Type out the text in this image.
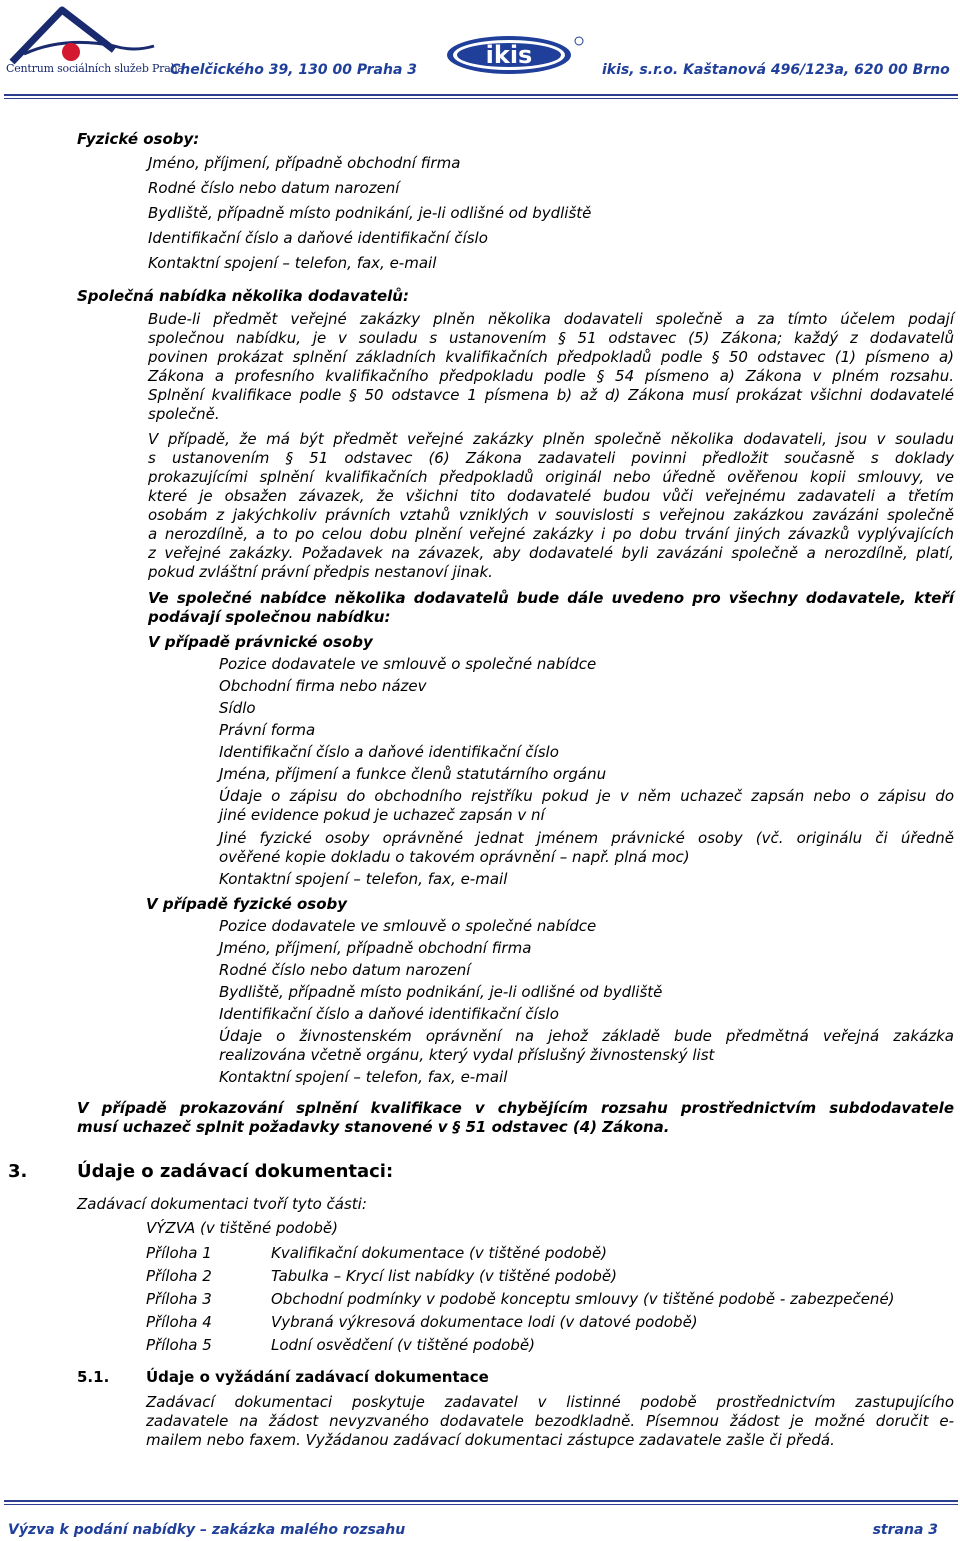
Centrum sociálních služeb Praha
Chelčického 39, 130 00 Praha 3
ikis
ikis, s.r.o. Kaštanová 496/123a, 620 00 Brno
Fyzické osoby:
Jméno, příjmení, případně obchodní firma
Rodné číslo nebo datum narození
Bydliště, případně místo podnikání, je-li odlišné od bydliště
Identifikační číslo a daňové identifikační číslo
Kontaktní spojení – telefon, fax, e-mail
Společná nabídka několika dodavatelů:
Bude-li předmět veřejné zakázky plněn několika dodavateli společně a za tímto účelem podají
společnou nabídku, je v souladu s ustanovením § 51 odstavec (5) Zákona; každý z dodavatelů
povinen prokázat splnění základních kvalifikačních předpokladů podle § 50 odstavec (1) písmeno a)
Zákona a profesního kvalifikačního předpokladu podle § 54 písmeno a) Zákona v plném rozsahu.
Splnění kvalifikace podle § 50 odstavce 1 písmena b) až d) Zákona musí prokázat všichni dodavatelé
společně.
V případě, že má být předmět veřejné zakázky plněn společně několika dodavateli, jsou v souladu
s ustanovením § 51 odstavec (6) Zákona zadavateli povinni předložit současně s doklady
prokazujícími splnění kvalifikačních předpokladů originál nebo úředně ověřenou kopii smlouvy, ve
které je obsažen závazek, že všichni tito dodavatelé budou vůči veřejnému zadavateli a třetím
osobám z jakýchkoliv právních vztahů vzniklých v souvislosti s veřejnou zakázkou zavázáni společně
a nerozdílně, a to po celou dobu plnění veřejné zakázky i po dobu trvání jiných závazků vyplývajících
z veřejné zakázky. Požadavek na závazek, aby dodavatelé byli zavázáni společně a nerozdílně, platí,
pokud zvláštní právní předpis nestanoví jinak.
Ve společné nabídce několika dodavatelů bude dále uvedeno pro všechny dodavatele, kteří
podávají společnou nabídku:
V případě právnické osoby
Pozice dodavatele ve smlouvě o společné nabídce
Obchodní firma nebo název
Sídlo
Právní forma
Identifikační číslo a daňové identifikační číslo
Jména, příjmení a funkce členů statutárního orgánu
Údaje o zápisu do obchodního rejstříku pokud je v něm uchazeč zapsán nebo o zápisu do
jiné evidence pokud je uchazeč zapsán v ní
Jiné fyzické osoby oprávněné jednat jménem právnické osoby (vč. originálu či úředně
ověřené kopie dokladu o takovém oprávnění – např. plná moc)
Kontaktní spojení – telefon, fax, e-mail
V případě fyzické osoby
Pozice dodavatele ve smlouvě o společné nabídce
Jméno, příjmení, případně obchodní firma
Rodné číslo nebo datum narození
Bydliště, případně místo podnikání, je-li odlišné od bydliště
Identifikační číslo a daňové identifikační číslo
Údaje o živnostenském oprávnění na jehož základě bude předmětná veřejná zakázka
realizována včetně orgánu, který vydal příslušný živnostenský list
Kontaktní spojení – telefon, fax, e-mail
V případě prokazování splnění kvalifikace v chybějícím rozsahu prostřednictvím subdodavatele
musí uchazeč splnit požadavky stanovené v § 51 odstavec (4) Zákona.
3.	Údaje o zadávací dokumentaci:
Zadávací dokumentaci tvoří tyto části:
VÝZVA (v tištěné podobě)
Příloha 1	Kvalifikační dokumentace (v tištěné podobě)
Příloha 2	Tabulka – Krycí list nabídky (v tištěné podobě)
Příloha 3	Obchodní podmínky v podobě konceptu smlouvy (v tištěné podobě - zabezpečené)
Příloha 4	Vybraná výkresová dokumentace lodi (v datové podobě)
Příloha 5	Lodní osvědčení (v tištěné podobě)
5.1. Údaje o vyžádání zadávací dokumentace
Zadávací dokumentaci poskytuje zadavatel v listinné podobě prostřednictvím zastupujícího
zadavatele na žádost nevyzvaného dodavatele bezodkladně. Písemnou žádost je možné doručit e-
mailem nebo faxem. Vyžádanou zadávací dokumentaci zástupce zadavatele zašle či předá.
Výzva k podání nabídky – zakázka malého rozsahu	strana 3
